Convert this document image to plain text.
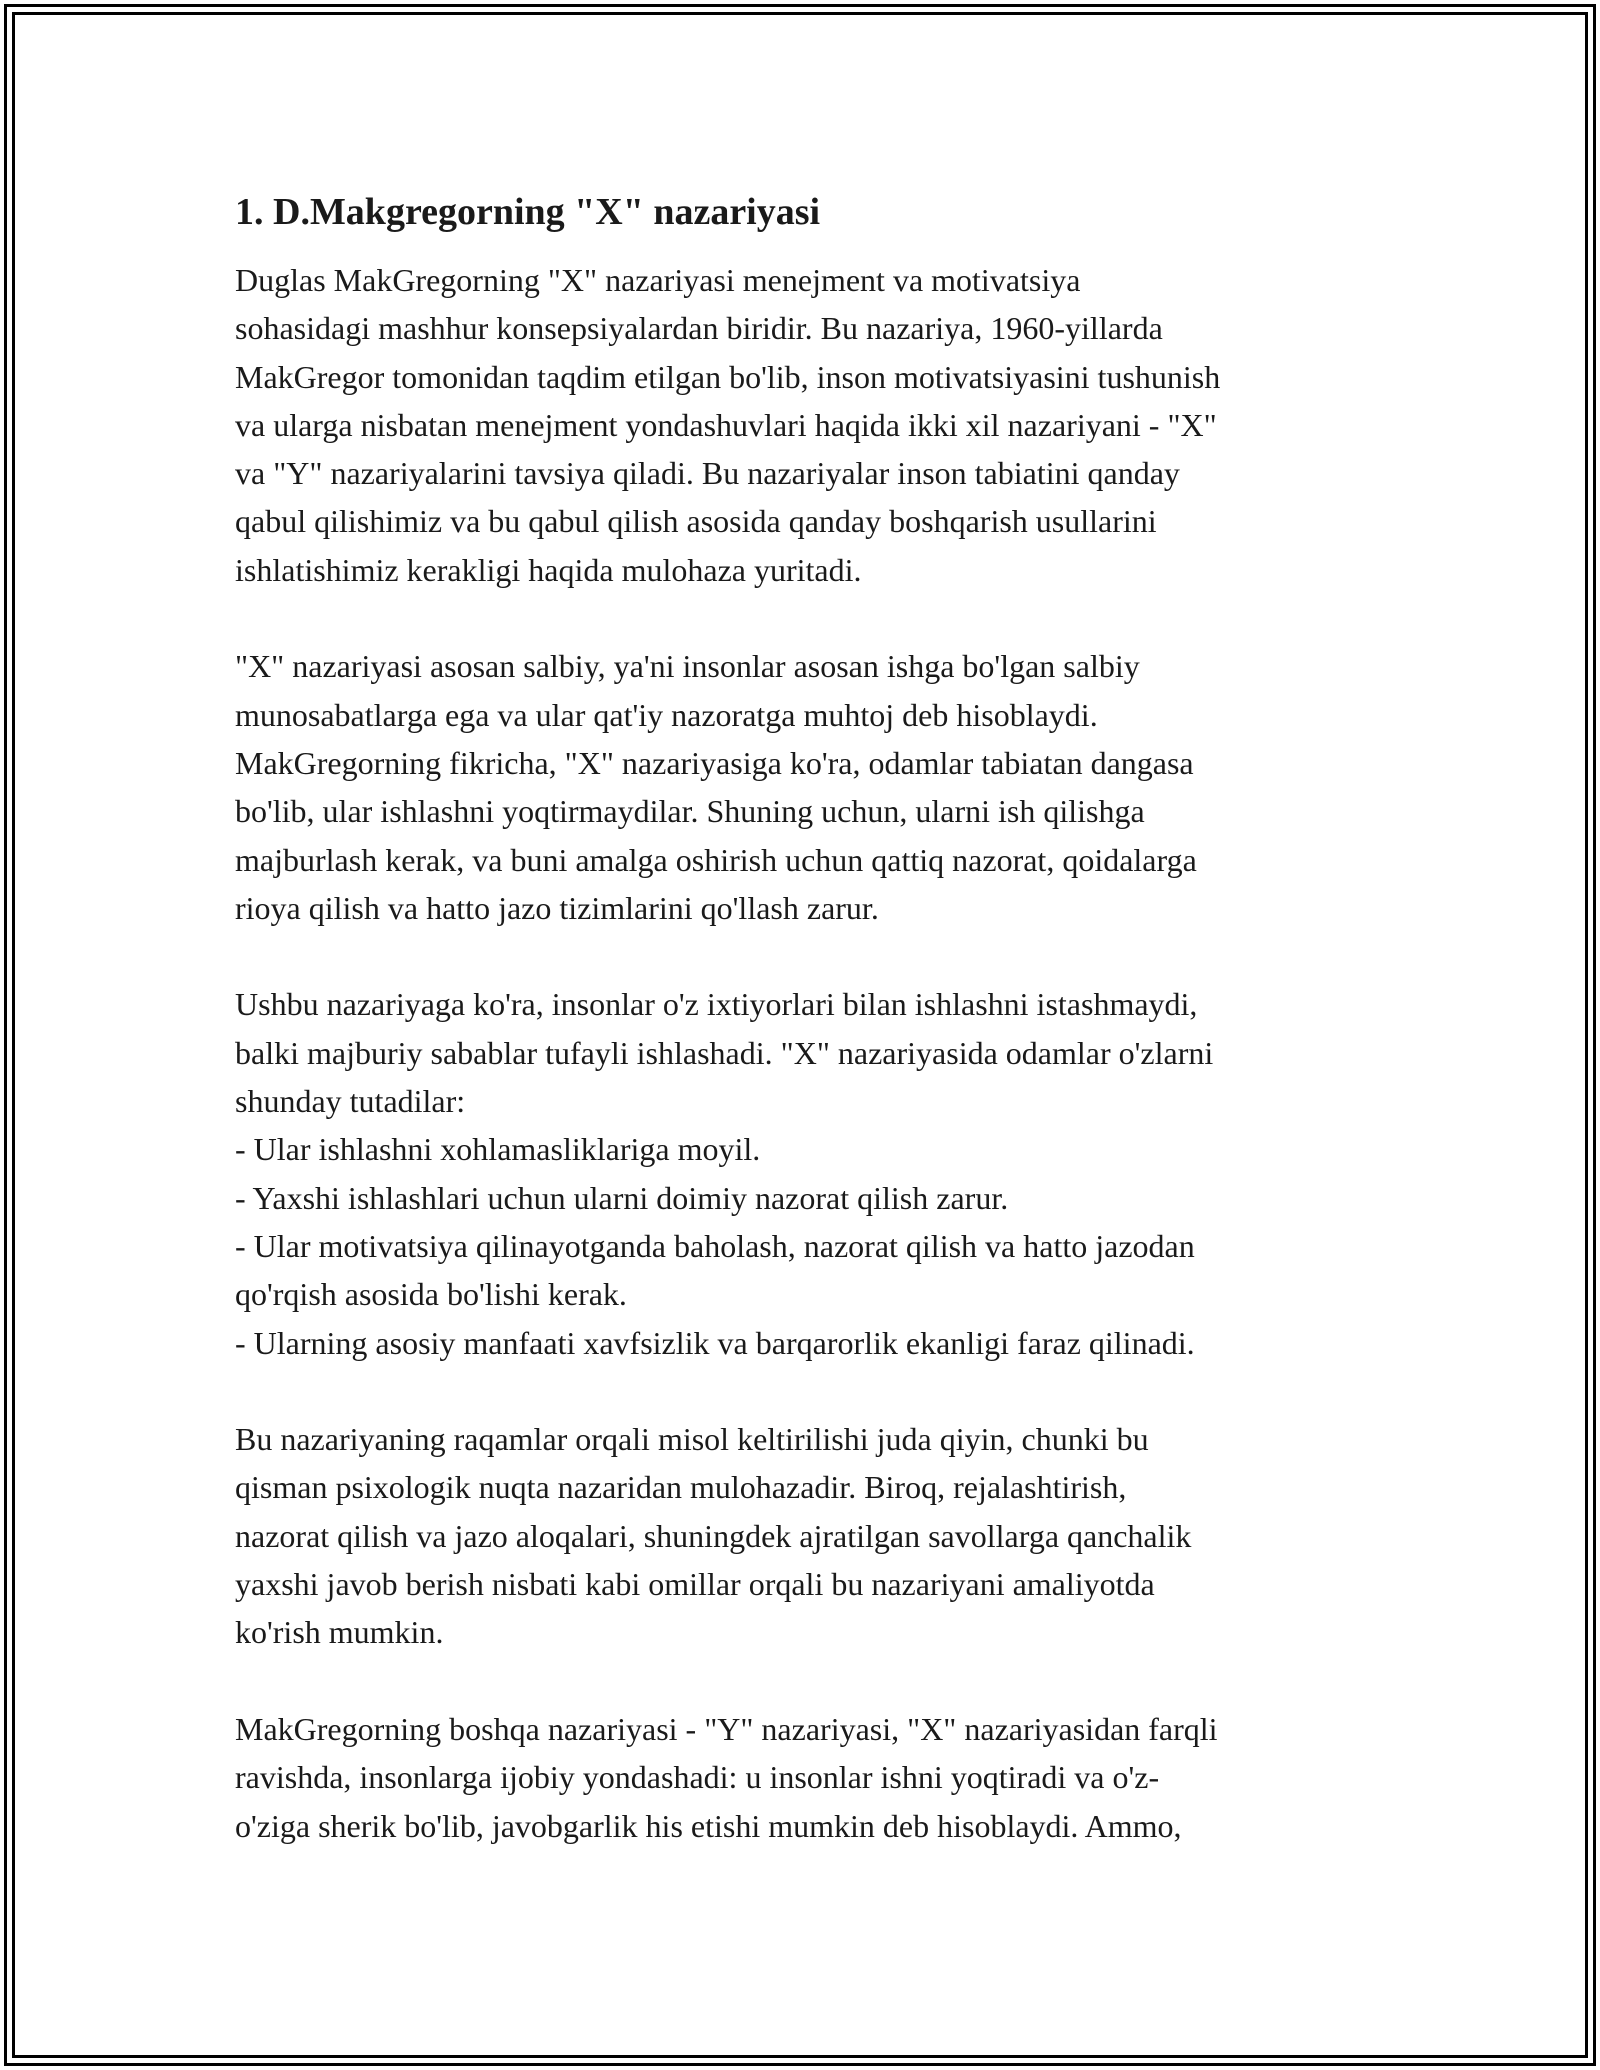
1. D.Makgregorning "X" nazariyasi

Duglas MakGregorning "X" nazariyasi menejment va motivatsiya
sohasidagi mashhur konsepsiyalardan biridir. Bu nazariya, 1960-yillarda
MakGregor tomonidan taqdim etilgan bo'lib, inson motivatsiyasini tushunish
va ularga nisbatan menejment yondashuvlari haqida ikki xil nazariyani - "X"
va "Y" nazariyalarini tavsiya qiladi. Bu nazariyalar inson tabiatini qanday
qabul qilishimiz va bu qabul qilish asosida qanday boshqarish usullarini
ishlatishimiz kerakligi haqida mulohaza yuritadi.

"X" nazariyasi asosan salbiy, ya'ni insonlar asosan ishga bo'lgan salbiy
munosabatlarga ega va ular qat'iy nazoratga muhtoj deb hisoblaydi.
MakGregorning fikricha, "X" nazariyasiga ko'ra, odamlar tabiatan dangasa
bo'lib, ular ishlashni yoqtirmaydilar. Shuning uchun, ularni ish qilishga
majburlash kerak, va buni amalga oshirish uchun qattiq nazorat, qoidalarga
rioya qilish va hatto jazo tizimlarini qo'llash zarur.

Ushbu nazariyaga ko'ra, insonlar o'z ixtiyorlari bilan ishlashni istashmaydi,
balki majburiy sabablar tufayli ishlashadi. "X" nazariyasida odamlar o'zlarni
shunday tutadilar:
- Ular ishlashni xohlamasliklariga moyil.
- Yaxshi ishlashlari uchun ularni doimiy nazorat qilish zarur.
- Ular motivatsiya qilinayotganda baholash, nazorat qilish va hatto jazodan
qo'rqish asosida bo'lishi kerak.
- Ularning asosiy manfaati xavfsizlik va barqarorlik ekanligi faraz qilinadi.

Bu nazariyaning raqamlar orqali misol keltirilishi juda qiyin, chunki bu
qisman psixologik nuqta nazaridan mulohazadir. Biroq, rejalashtirish,
nazorat qilish va jazo aloqalari, shuningdek ajratilgan savollarga qanchalik
yaxshi javob berish nisbati kabi omillar orqali bu nazariyani amaliyotda
ko'rish mumkin.

MakGregorning boshqa nazariyasi - "Y" nazariyasi, "X" nazariyasidan farqli
ravishda, insonlarga ijobiy yondashadi: u insonlar ishni yoqtiradi va o'z-
o'ziga sherik bo'lib, javobgarlik his etishi mumkin deb hisoblaydi. Ammo,
